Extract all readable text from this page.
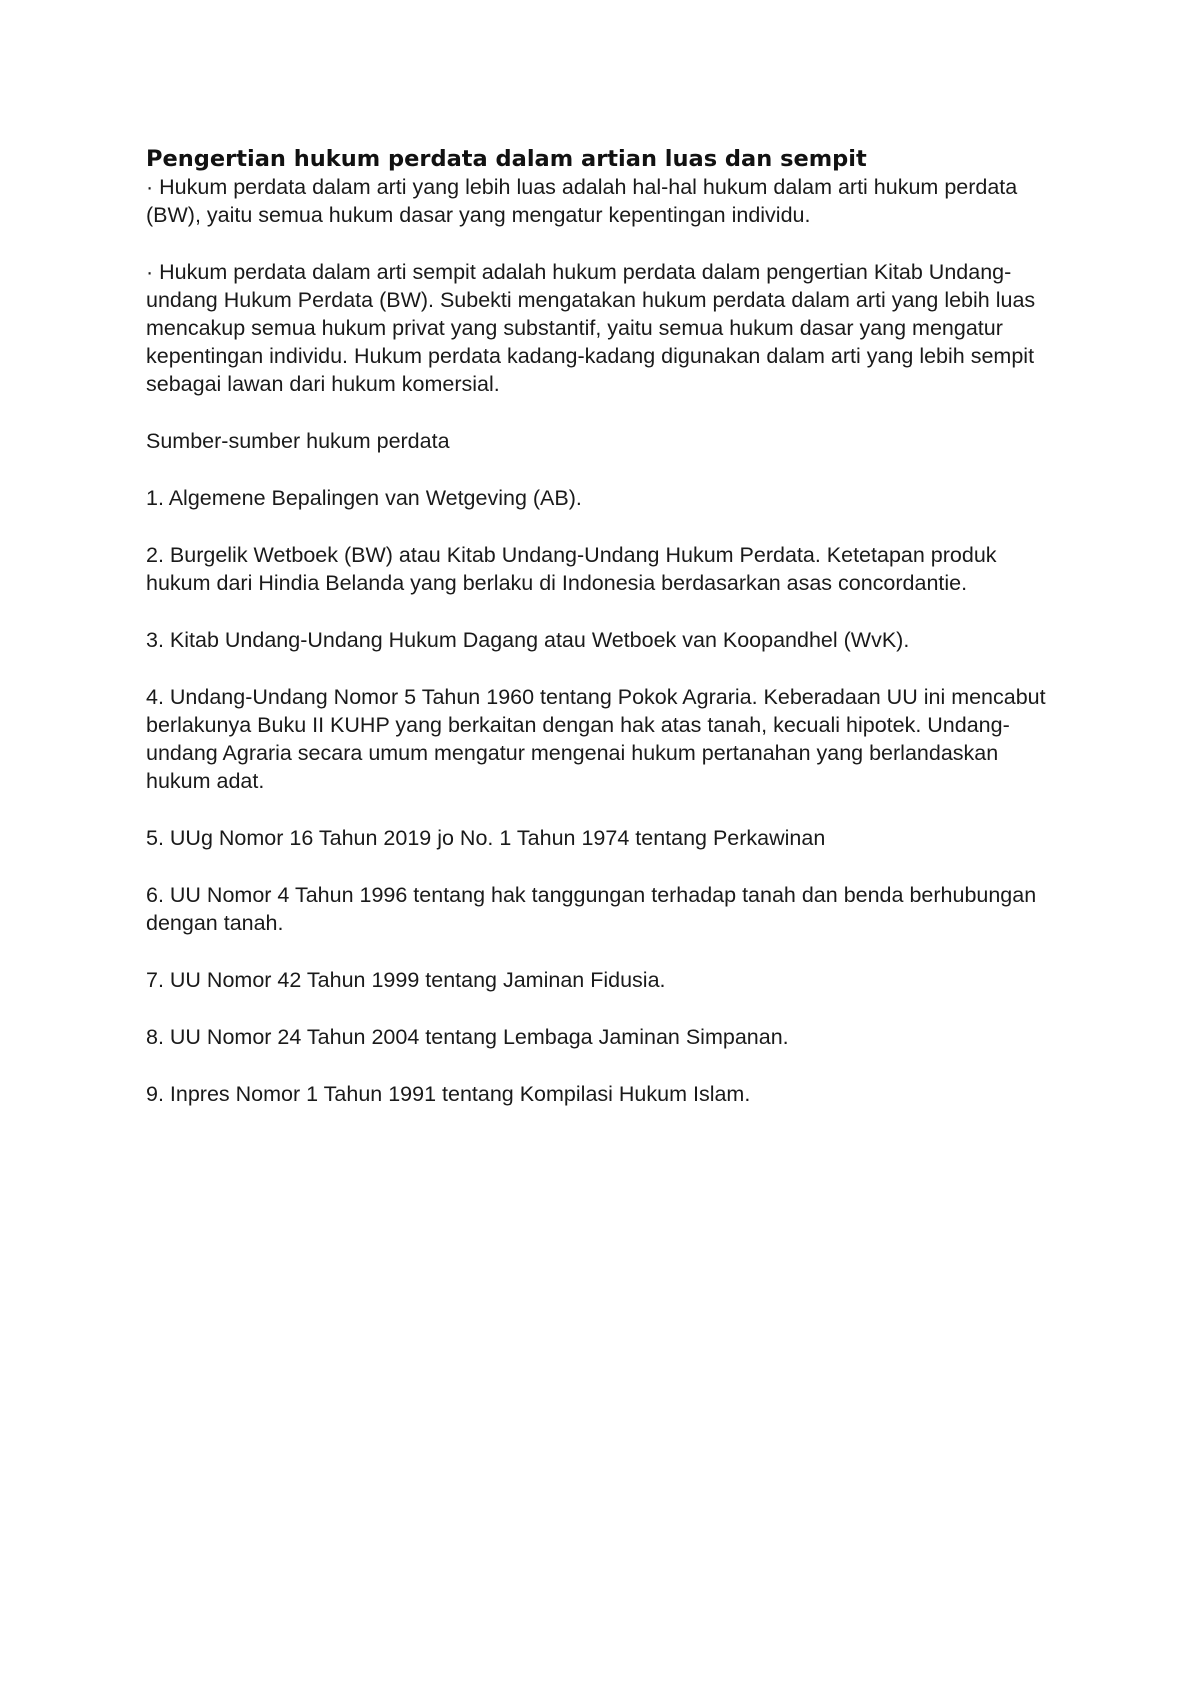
Pengertian hukum perdata dalam artian luas dan sempit

· Hukum perdata dalam arti yang lebih luas adalah hal-hal hukum dalam arti hukum perdata (BW), yaitu semua hukum dasar yang mengatur kepentingan individu.

· Hukum perdata dalam arti sempit adalah hukum perdata dalam pengertian Kitab Undang-undang Hukum Perdata (BW). Subekti mengatakan hukum perdata dalam arti yang lebih luas mencakup semua hukum privat yang substantif, yaitu semua hukum dasar yang mengatur kepentingan individu. Hukum perdata kadang-kadang digunakan dalam arti yang lebih sempit sebagai lawan dari hukum komersial.

Sumber-sumber hukum perdata

1. Algemene Bepalingen van Wetgeving (AB).

2. Burgelik Wetboek (BW) atau Kitab Undang-Undang Hukum Perdata. Ketetapan produk hukum dari Hindia Belanda yang berlaku di Indonesia berdasarkan asas concordantie.

3. Kitab Undang-Undang Hukum Dagang atau Wetboek van Koopandhel (WvK).

4. Undang-Undang Nomor 5 Tahun 1960 tentang Pokok Agraria. Keberadaan UU ini mencabut berlakunya Buku II KUHP yang berkaitan dengan hak atas tanah, kecuali hipotek. Undang-undang Agraria secara umum mengatur mengenai hukum pertanahan yang berlandaskan hukum adat.

5. UUg Nomor 16 Tahun 2019 jo No. 1 Tahun 1974 tentang Perkawinan

6. UU Nomor 4 Tahun 1996 tentang hak tanggungan terhadap tanah dan benda berhubungan dengan tanah.

7. UU Nomor 42 Tahun 1999 tentang Jaminan Fidusia.

8. UU Nomor 24 Tahun 2004 tentang Lembaga Jaminan Simpanan.

9. Inpres Nomor 1 Tahun 1991 tentang Kompilasi Hukum Islam.
